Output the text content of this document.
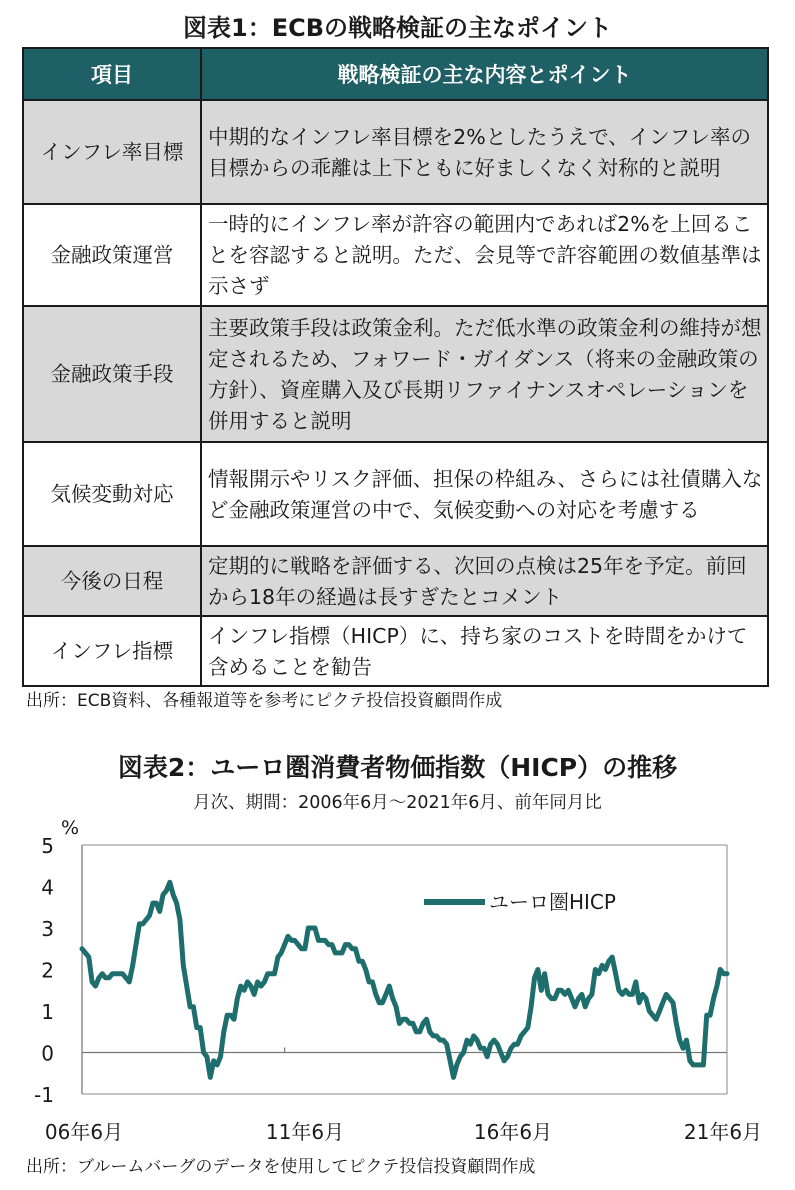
図表1：ECBの戦略検証の主なポイント
項目	戦略検証の主な内容とポイント
インフレ率目標	中期的なインフレ率目標を2%としたうえで、インフレ率の目標からの乖離は上下ともに好ましくなく対称的と説明
金融政策運営	一時的にインフレ率が許容の範囲内であれば2%を上回ることを容認すると説明。ただ、会見等で許容範囲の数値基準は示さず
金融政策手段	主要政策手段は政策金利。ただ低水準の政策金利の維持が想定されるため、フォワード・ガイダンス（将来の金融政策の方針）、資産購入及び長期リファイナンスオペレーションを併用すると説明
気候変動対応	情報開示やリスク評価、担保の枠組み、さらには社債購入など金融政策運営の中で、気候変動への対応を考慮する
今後の日程	定期的に戦略を評価する、次回の点検は25年を予定。前回から18年の経過は長すぎたとコメント
インフレ指標	インフレ指標（HICP）に、持ち家のコストを時間をかけて含めることを勧告
出所：ECB資料、各種報道等を参考にピクテ投信投資顧問作成
図表2：ユーロ圏消費者物価指数（HICP）の推移
月次、期間：2006年6月～2021年6月、前年同月比
5
4
3
2
1
0
-1
%
06年6月	11年6月	16年6月	21年6月
ユーロ圏HICP
出所：ブルームバーグのデータを使用してピクテ投信投資顧問作成
